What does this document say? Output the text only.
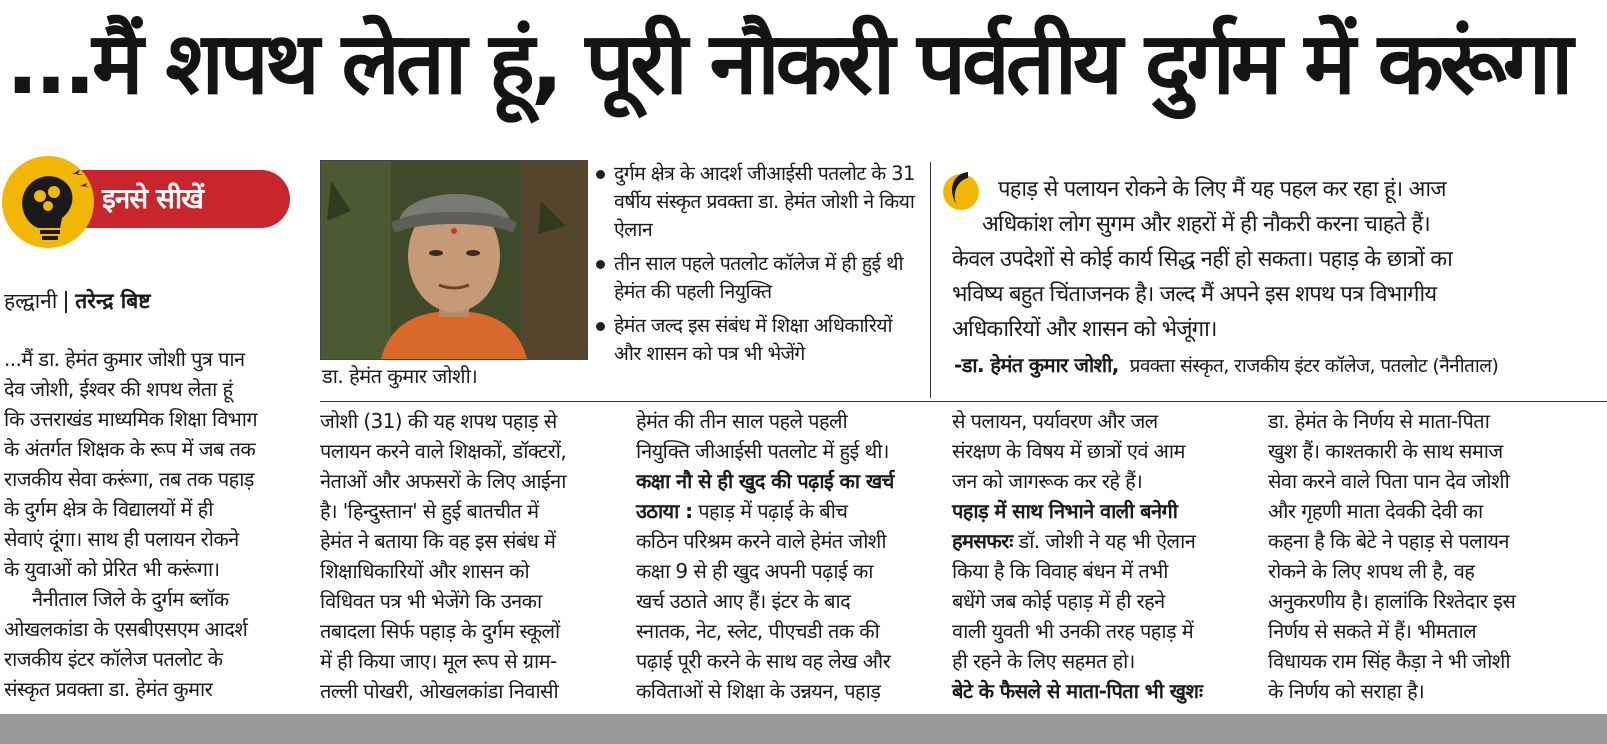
...मैं शपथ लेता हूं, पूरी नौकरी पर्वतीय दुर्गम में करूंगा
इनसे सीखें
हल्द्वानी तरेन्द्र बिष्ट

...मैं डा. हेमंत कुमार जोशी पुत्र पान

देव जोशी, ईश्वर की शपथ लेता हूं

कि उत्तराखंड माध्यमिक शिक्षा विभाग

के अंतर्गत शिक्षक के रूप में जब तक

राजकीय सेवा करूंगा, तब तक पहाड़

के दुर्गम क्षेत्र के विद्यालयों में ही

सेवाएं दूंगा। साथ ही पलायन रोकने

के युवाओं को प्रेरित भी करूंगा।

नैनीताल जिले के दुर्गम ब्लॉक

ओखलकांडा के एसबीएसएम आदर्श

राजकीय इंटर कॉलेज पतलोट के

संस्कृत प्रवक्ता डा. हेमंत कुमार

डा. हेमंत कुमार जोशी।
दुर्गम क्षेत्र के आदर्श जीआईसी पतलोट के 31 वर्षीय संस्कृत प्रवक्ता डा. हेमंत जोशी ने किया ऐलान
तीन साल पहले पतलोट कॉलेज में ही हुई थी हेमंत की पहली नियुक्ति
हेमंत जल्द इस संबंध में शिक्षा अधिकारियों और शासन को पत्र भी भेजेंगे
पहाड़ से पलायन रोकने के लिए मैं यह पहल कर रहा हूं। आज
अधिकांश लोग सुगम और शहरों में ही नौकरी करना चाहते हैं।
केवल उपदेशों से कोई कार्य सिद्ध नहीं हो सकता। पहाड़ के छात्रों का
भविष्य बहुत चिंताजनक है। जल्द मैं अपने इस शपथ पत्र विभागीय
अधिकारियों और शासन को भेजूंगा।
-डा. हेमंत कुमार जोशी, प्रवक्ता संस्कृत, राजकीय इंटर कॉलेज, पतलोट (नैनीताल)

जोशी (31) की यह शपथ पहाड़ से

पलायन करने वाले शिक्षकों, डॉक्टरों,

नेताओं और अफसरों के लिए आईना

है। 'हिन्दुस्तान' से हुई बातचीत में

हेमंत ने बताया कि वह इस संबंध में

शिक्षाधिकारियों और शासन को

विधिवत पत्र भी भेजेंगे कि उनका

तबादला सिर्फ पहाड़ के दुर्गम स्कूलों

में ही किया जाए। मूल रूप से ग्राम-

तल्ली पोखरी, ओखलकांडा निवासी

हेमंत की तीन साल पहले पहली

नियुक्ति जीआईसी पतलोट में हुई थी।

कक्षा नौ से ही खुद की पढ़ाई का खर्च

उठाया : पहाड़ में पढ़ाई के बीच

कठिन परिश्रम करने वाले हेमंत जोशी

कक्षा 9 से ही खुद अपनी पढ़ाई का

खर्च उठाते आए हैं। इंटर के बाद

स्नातक, नेट, स्लेट, पीएचडी तक की

पढ़ाई पूरी करने के साथ वह लेख और

कविताओं से शिक्षा के उन्नयन, पहाड़

से पलायन, पर्यावरण और जल

संरक्षण के विषय में छात्रों एवं आम

जन को जागरूक कर रहे हैं।

पहाड़ में साथ निभाने वाली बनेगी

हमसफरः डॉ. जोशी ने यह भी ऐलान

किया है कि विवाह बंधन में तभी

बधेंगे जब कोई पहाड़ में ही रहने

वाली युवती भी उनकी तरह पहाड़ में

ही रहने के लिए सहमत हो।

बेटे के फैसले से माता-पिता भी खुशः

डा. हेमंत के निर्णय से माता-पिता

खुश हैं। काश्तकारी के साथ समाज

सेवा करने वाले पिता पान देव जोशी

और गृहणी माता देवकी देवी का

कहना है कि बेटे ने पहाड़ से पलायन

रोकने के लिए शपथ ली है, वह

अनुकरणीय है। हालांकि रिश्तेदार इस

निर्णय से सकते में हैं। भीमताल

विधायक राम सिंह कैड़ा ने भी जोशी

के निर्णय को सराहा है।
